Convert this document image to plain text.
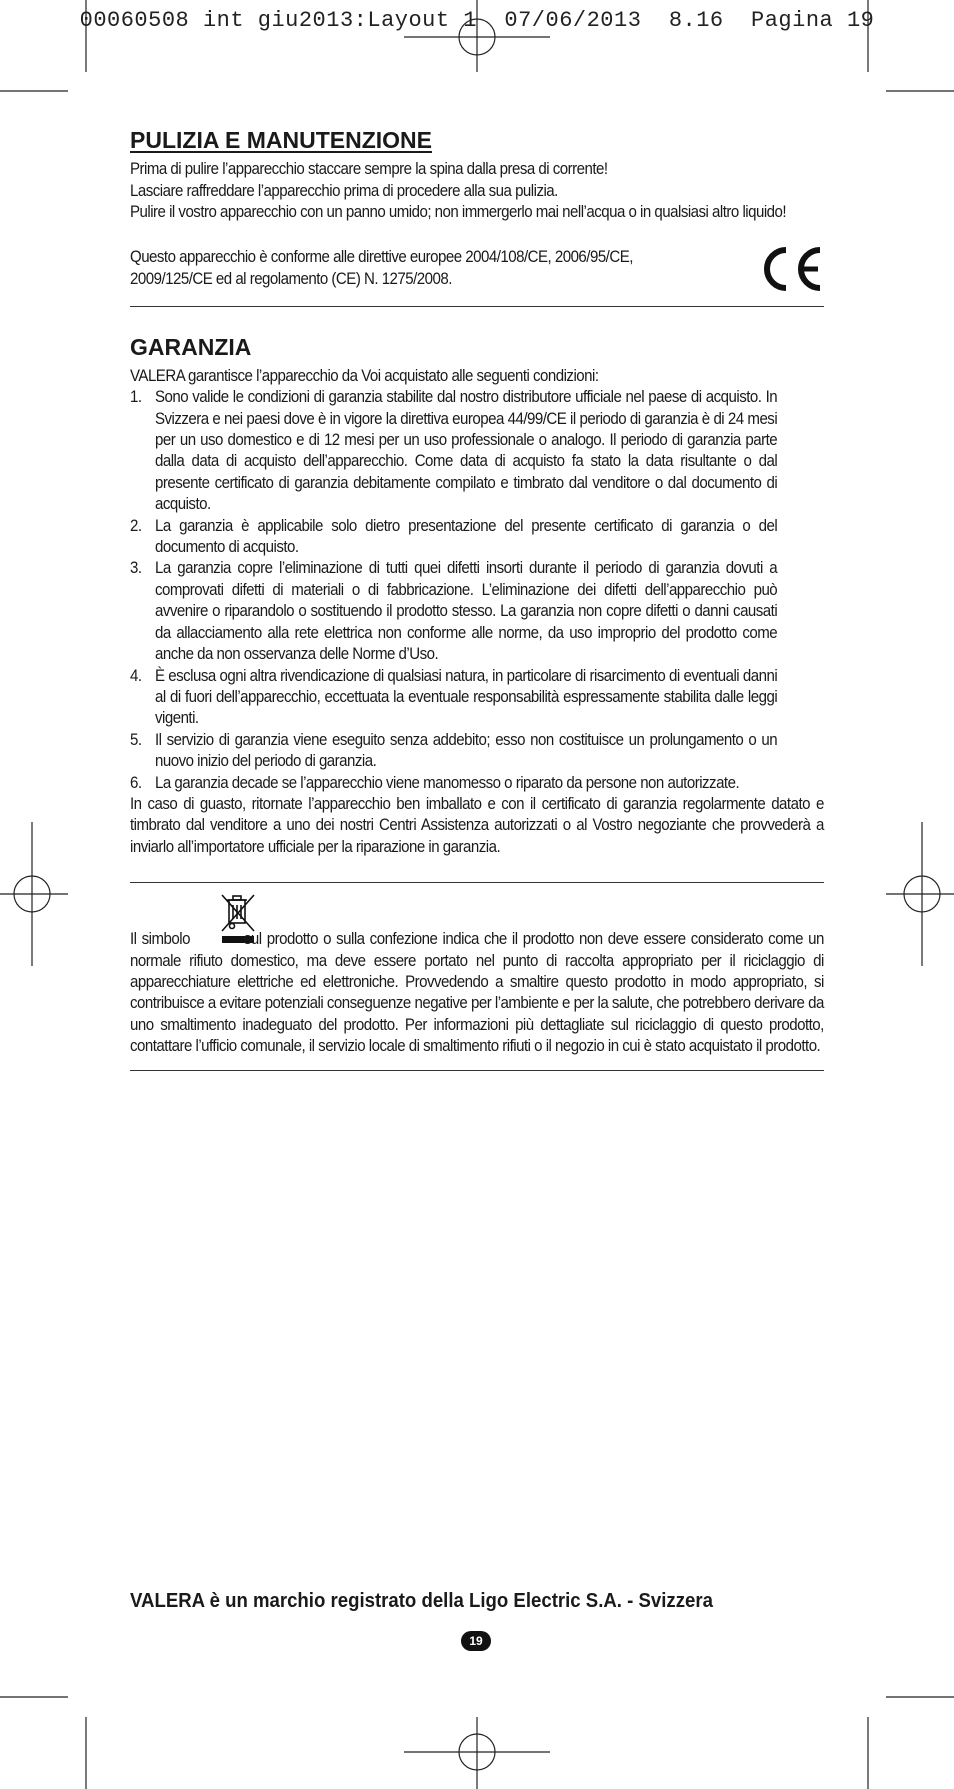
00060508 int giu2013:Layout 1  07/06/2013  8.16  Pagina 19
PULIZIA E MANUTENZIONE

Prima di pulire l’apparecchio staccare sempre la spina dalla presa di corrente!

Lasciare raffreddare l’apparecchio prima di procedere alla sua pulizia.

Pulire il vostro apparecchio con un panno umido; non immergerlo mai nell’acqua o in qualsiasi altro liquido!

Questo apparecchio è conforme alle direttive europee 2004/108/CE, 2006/95/CE, 2009/125/CE ed al regolamento (CE) N. 1275/2008.

GARANZIA

VALERA garantisce l’apparecchio da Voi acquistato alle seguenti condizioni:

1. Sono valide le condizioni di garanzia stabilite dal nostro distributore ufficiale nel paese di acquisto. In Svizzera e nei paesi dove è in vigore la direttiva europea 44/99/CE il periodo di garanzia è di 24 mesi per un uso domestico e di 12 mesi per un uso professionale o analogo. Il periodo di garanzia parte dalla data di acquisto dell’apparecchio. Come data di acquisto fa stato la data risultante o dal presente certificato di garanzia debitamente compilato e timbrato dal venditore o dal documento di acquisto.
2. La garanzia è applicabile solo dietro presentazione del presente certificato di garanzia o del documento di acquisto.
3. La garanzia copre l’eliminazione di tutti quei difetti insorti durante il periodo di garanzia dovuti a comprovati difetti di materiali o di fabbricazione. L’eliminazione dei difetti dell’apparecchio può avvenire o riparandolo o sostituendo il prodotto stesso. La garanzia non copre difetti o danni causati da allacciamento alla rete elettrica non conforme alle norme, da uso improprio del prodotto come anche da non osservanza delle Norme d’Uso.
4. È esclusa ogni altra rivendicazione di qualsiasi natura, in particolare di risarcimento di eventuali danni al di fuori dell’apparecchio, eccettuata la eventuale responsabilità espressamente stabilita dalle leggi vigenti.
5. Il servizio di garanzia viene eseguito senza addebito; esso non costituisce un prolungamento o un nuovo inizio del periodo di garanzia.
6. La garanzia decade se l’apparecchio viene manomesso o riparato da persone non autorizzate.

In caso di guasto, ritornate l’apparecchio ben imballato e con il certificato di garanzia regolarmente datato e timbrato dal venditore a uno dei nostri Centri Assistenza autorizzati o al Vostro negoziante che provvederà a inviarlo all’importatore ufficiale per la riparazione in garanzia.

Il simbolo	sul prodotto o sulla confezione indica che il prodotto non deve essere considerato come un normale rifiuto domestico, ma deve essere portato nel punto di raccolta appropriato per il riciclaggio di apparecchiature elettriche ed elettroniche. Provvedendo a smaltire questo prodotto in modo appropriato, si contribuisce a evitare potenziali conseguenze negative per l’ambiente e per la salute, che potrebbero derivare da uno smaltimento inadeguato del prodotto. Per informazioni più dettagliate sul riciclaggio di questo prodotto, contattare l’ufficio comunale, il servizio locale di smaltimento rifiuti o il negozio in cui è stato acquistato il prodotto.

VALERA è un marchio registrato della Ligo Electric S.A. - Svizzera
19
